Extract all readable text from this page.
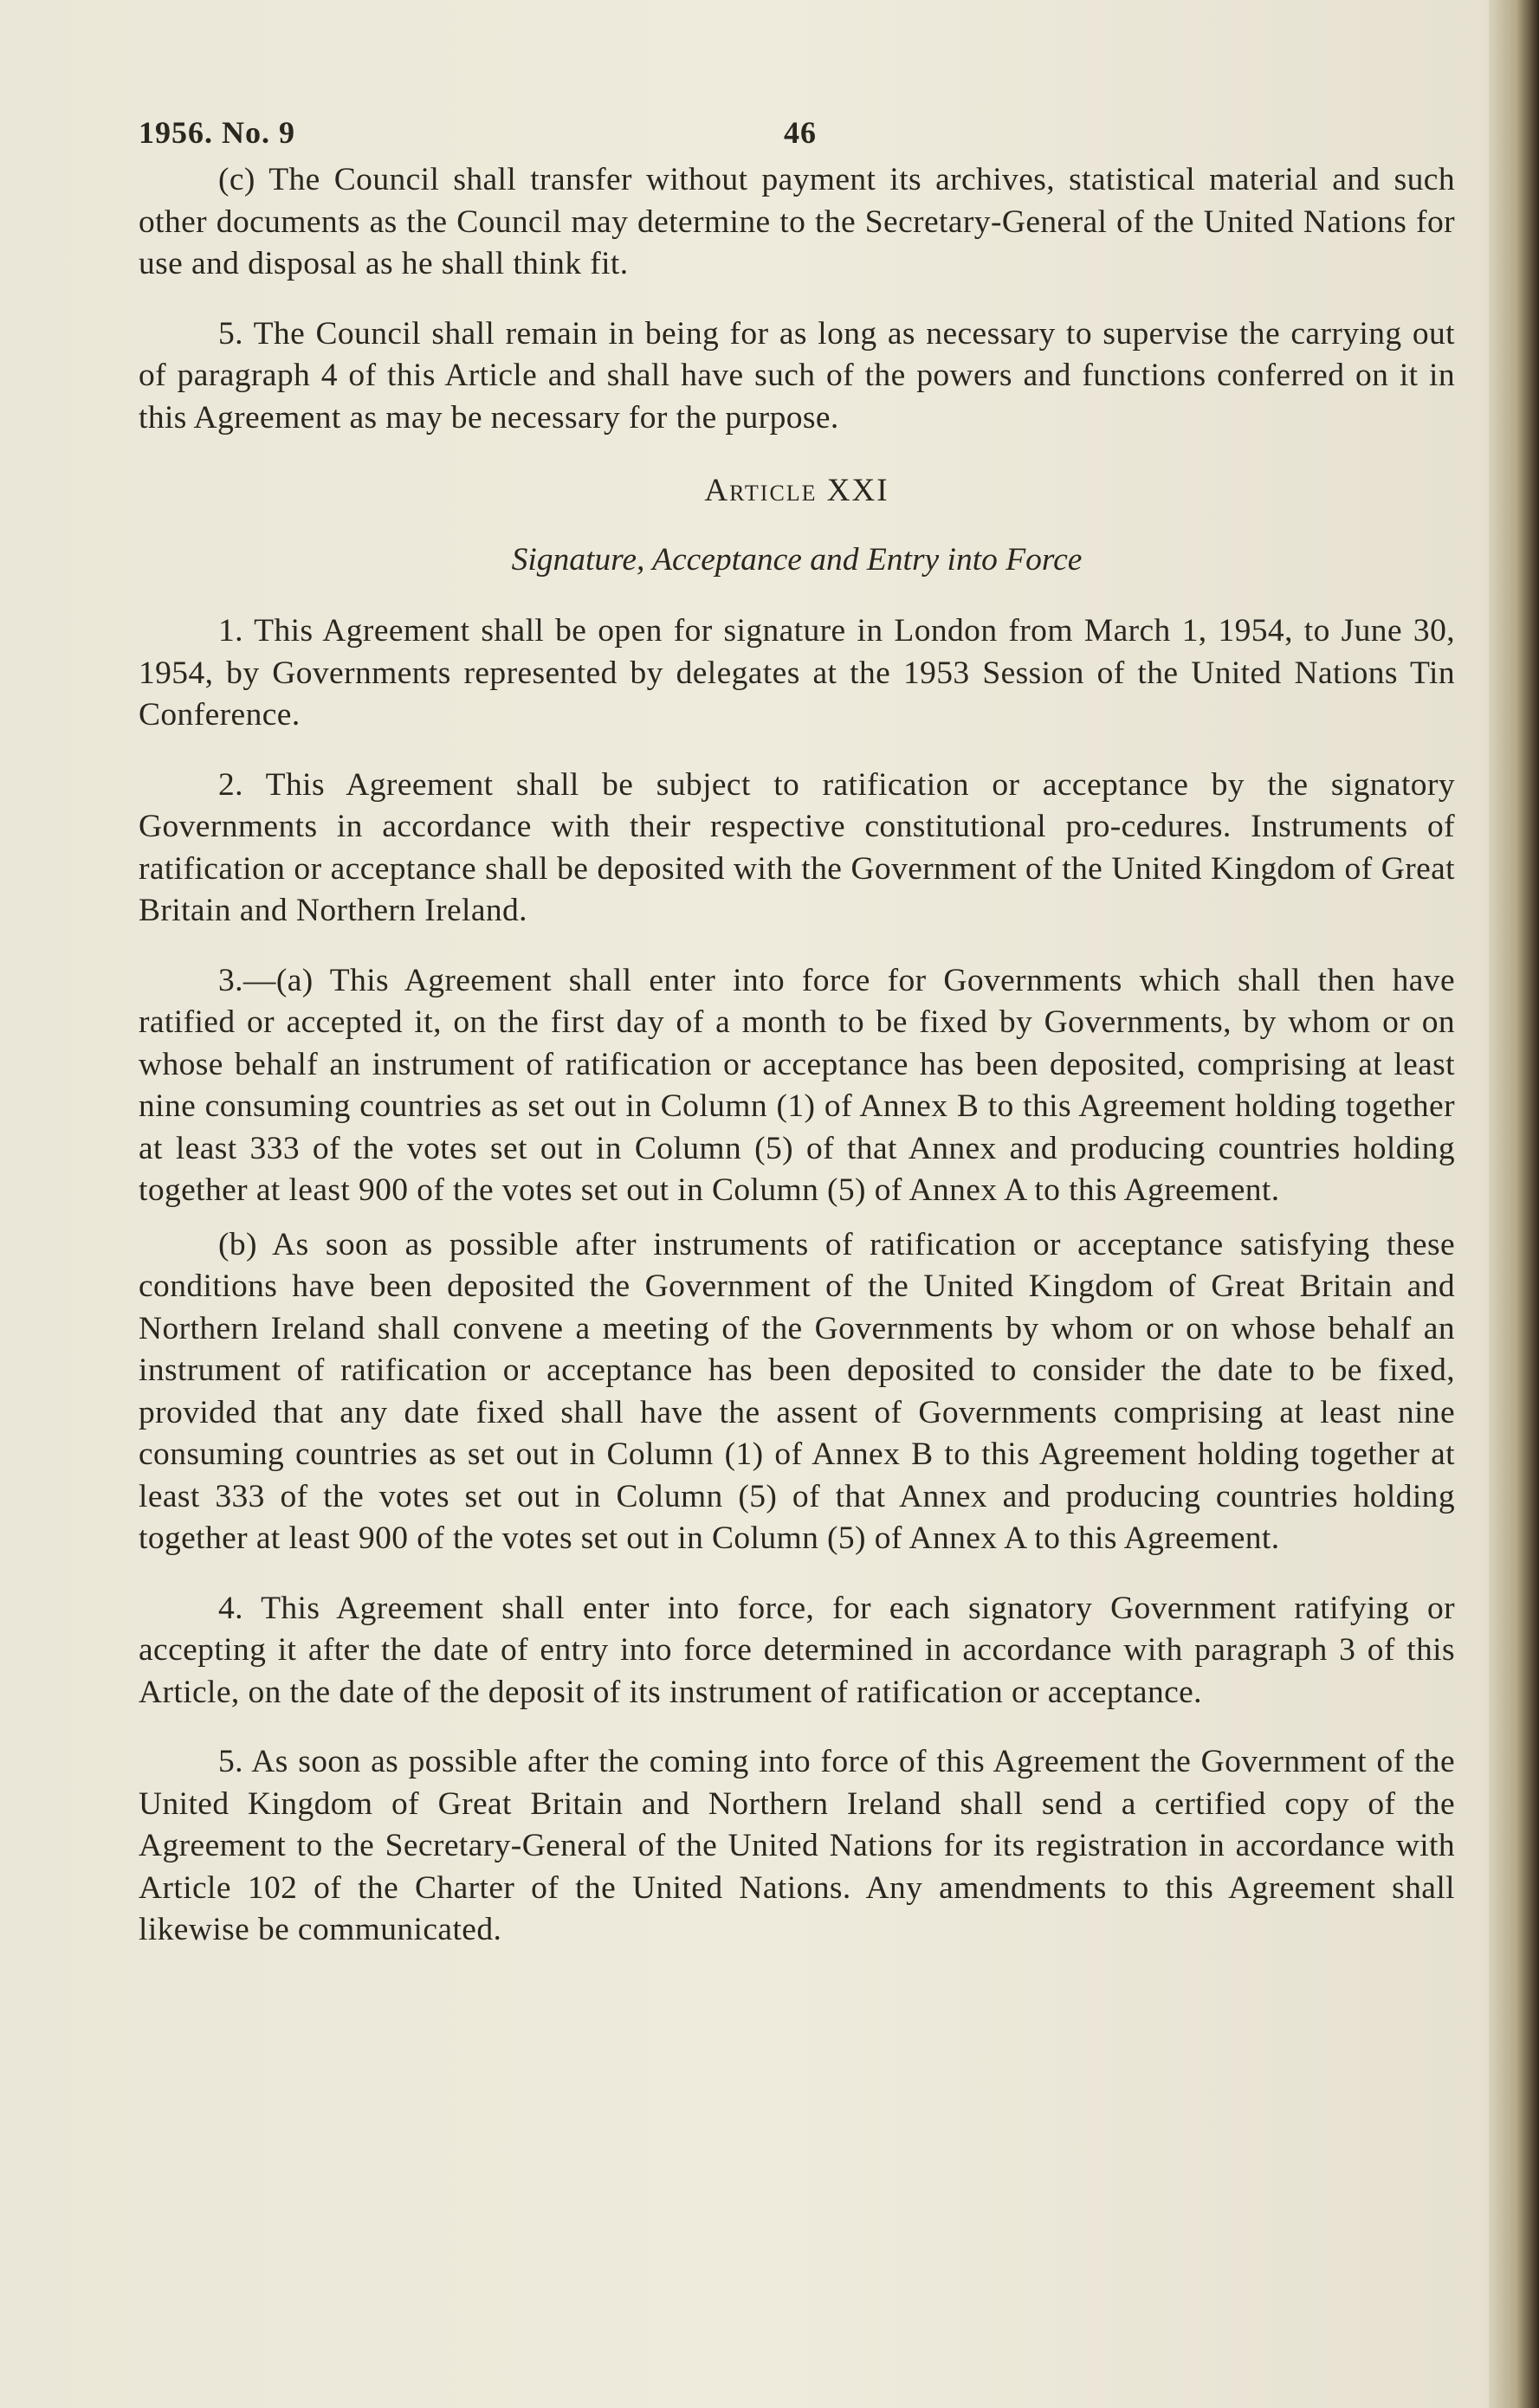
1956. No. 9	46

(c) The Council shall transfer without payment its archives, statistical material and such other documents as the Council may determine to the Secretary-General of the United Nations for use and disposal as he shall think fit.

5. The Council shall remain in being for as long as necessary to supervise the carrying out of paragraph 4 of this Article and shall have such of the powers and functions conferred on it in this Agreement as may be necessary for the purpose.

Article XXI
Signature, Acceptance and Entry into Force

1. This Agreement shall be open for signature in London from March 1, 1954, to June 30, 1954, by Governments represented by delegates at the 1953 Session of the United Nations Tin Conference.

2. This Agreement shall be subject to ratification or acceptance by the signatory Governments in accordance with their respective constitutional pro-cedures. Instruments of ratification or acceptance shall be deposited with the Government of the United Kingdom of Great Britain and Northern Ireland.

3.—(a) This Agreement shall enter into force for Governments which shall then have ratified or accepted it, on the first day of a month to be fixed by Governments, by whom or on whose behalf an instrument of ratification or acceptance has been deposited, comprising at least nine consuming countries as set out in Column (1) of Annex B to this Agreement holding together at least 333 of the votes set out in Column (5) of that Annex and producing countries holding together at least 900 of the votes set out in Column (5) of Annex A to this Agreement.

(b) As soon as possible after instruments of ratification or acceptance satisfying these conditions have been deposited the Government of the United Kingdom of Great Britain and Northern Ireland shall convene a meeting of the Governments by whom or on whose behalf an instrument of ratification or acceptance has been deposited to consider the date to be fixed, provided that any date fixed shall have the assent of Governments comprising at least nine consuming countries as set out in Column (1) of Annex B to this Agreement holding together at least 333 of the votes set out in Column (5) of that Annex and producing countries holding together at least 900 of the votes set out in Column (5) of Annex A to this Agreement.

4. This Agreement shall enter into force, for each signatory Government ratifying or accepting it after the date of entry into force determined in accordance with paragraph 3 of this Article, on the date of the deposit of its instrument of ratification or acceptance.

5. As soon as possible after the coming into force of this Agreement the Government of the United Kingdom of Great Britain and Northern Ireland shall send a certified copy of the Agreement to the Secretary-General of the United Nations for its registration in accordance with Article 102 of the Charter of the United Nations. Any amendments to this Agreement shall likewise be communicated.
